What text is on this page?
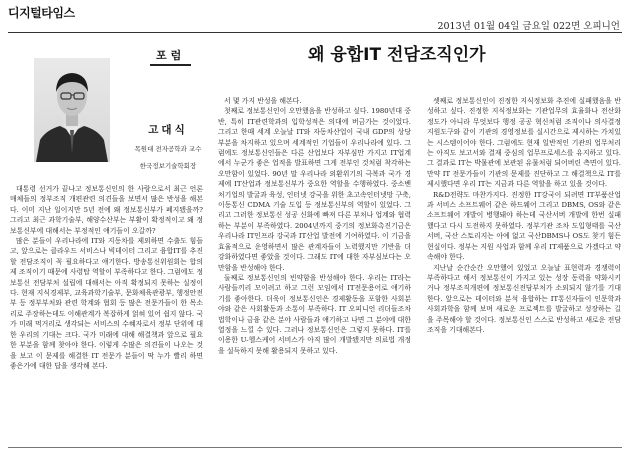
디지털타임스
2013년 01월 04일 금요일 022면 오피니언
포럼	왜 융합IT 전담조직인가
고대식
목원대 전자공학과 교수
한국정보기술학회장

대통령 선거가 끝나고 정보통신인의 한 사람으로서 최근 언론매체들의 정부조직 개편관련 의견들을 보면서 많은 반성을 해본다. 이미 지난 일이지만 5년 전에 왜 정보통신부가 폐지됐을까? 그리고 최근 과학기술부, 해양수산부는 부활이 확정적이고 왜 정보통신부에 대해서는 부정적인 얘기들이 오갈까?

많은 분들이 우리나라에 IT와 지동차를 제외하면 수출도 힘들고, 앞으로는 클라우드 서비스나 빅데이터 그리고 융합IT를 추진할 전담조직이 꼭 필요하다고 얘기한다. 방송통신위원회는 합의제 조직이기 때문에 사령탑 역할이 부족하다고 한다. 그럼에도 정보통신 전담부처 설립에 대해서는 아직 확정되지 못하는 실정이다. 현재 지식경제부, 교육과학기술부, 문화체육관광부, 행정안전부 등 정부부처와 관련 학계와 협회 등 많은 전문가들이 한 목소리로 주장하는데도 이해관계가 복잡하게 얽혀 있어 쉽지 않다. 국가 미래 먹거리로 생각되는 서비스의 수혜자로서 정부 단위에 대한 우리의 기대는 크다. 국가 미래에 대해 해결책과 앞으로 필요한 부분을 함께 찾아야 한다. 이렇게 수많은 의견들이 나오는 것을 보고 이 문제를 해결한 IT 전문가 분들이 딱 누가 빨리 하면 좋은가에 대한 답을 생각해 본다.

서 몇 가지 반성을 해본다.

첫째로 정보통신인이 오만했음을 반성하고 싶다. 1980년대 중반, 특히 IT관련학과의 입학성적은 의대에 버금가는 것이었다. 그리고 한때 세계 오늘날 IT와 자동차산업이 국내 GDP의 상당 부분을 차지하고 있으며 세계적인 기업들이 우리나라에 있다. 그럼에도 정보통신인들은 다른 산업보다 자부심만 가지고 IT업계에서 누군가 좋은 업적을 발표하면 그게 전부인 것처럼 착각하는 오만함이 있었다. 90년 말 우리나라 외환위기의 극복과 국가 경제에 IT산업과 정보통신부가 중요한 역할을 수행하였다. 중소벤처기업의 발굴과 육성, 인터넷 강국을 위한 초고속인터넷망 구축, 이동통신 CDMA 기술 도입 등 정보통신부의 역할이 있었다. 그리고 그러한 정보통신 성공 신화에 빠져 다른 부처나 업계와 협력하는 부분이 부족하였다. 2004년까지 중기의 정보화촉진기금은 우리나라 IT인프라 강국과 IT산업 발전에 기여하였다. 이 기금을 효율적으로 운영하면서 많은 관계자들이 노력했지만 기반을 더 강화하였다면 좋았을 것이다. 그래도 IT에 대한 자부심보다는 오만함을 반성해야 한다.

둘째로 정보통신인의 빈약함을 반성해야 한다. 우리는 IT라는 사람들끼리 모이려고 하고 그런 모임에서 IT전문용어로 얘기하기를 좋아한다. 더욱이 정보통신인은 경제활동을 포함한 사회분야와 같은 사회활동과 소통이 부족하다. IT 오피니언 리더들조차 법학이나 금융 같은 분야 사람들과 얘기하고 나면 그 분야에 대한 열정을 느낄 수 있다. 그러나 정보통신인은 그렇지 못하다. IT를 이용한 U-헬스케어 서비스가 아직 많이 개발됐지만 의료법 개정을 설득하지 못해 활용되지 못하고 있다.

셋째로 정보통신인이 진정한 지식정보화 추진에 실패했음을 반성하고 싶다. 진정한 지식정보화는 기관업무의 효율화나 전산화 정도가 아니라 무엇보다 행정 공공 혁신처럼 조직이나 의사결정지원도구와 같이 기관의 경영정보를 실시간으로 제시하는 가치있는 시스템이어야 한다. 그럼에도 현재 일반적인 기관의 업무처리는 아직도 보고서와 결재 중심의 업무프로세스를 유지하고 있다. 그 결과로 IT는 박물관에 보관된 유물처럼 되어버린 측면이 있다. 만약 IT 전문가들이 기관의 문제를 진단하고 그 해결책으로 IT를 제시했다면 우리 IT는 지금과 다른 역할을 하고 있을 것이다.

R&D전략도 마찬가지다. 진정한 IT강국이 되려면 IT부품산업과 서비스 소프트웨어 같은 하드웨어 그리고 DBMS, OS와 같은 소프트웨어 개발이 병행돼야 하는데 국산서버 개발에 한번 실패했다고 다시 도전하지 못하였다. 정부기관 조차 도입형태를 국산서버, 국산 스토리지는 아예 없고 국산DBMS나 OS도 찾기 힘든 현실이다. 정부는 지원 사업과 함께 우리 IT제품으로 가겠다고 약속해야 한다.

지난날 순간순간 오만했어 있었고 오늘날 표현력과 경쟁력이 부족하다고 해서 정보통신이 가지고 있는 성장 동력을 약화시키거나 정부조직개편에 정보통신전담부처가 소외되지 않기를 기대한다. 앞으로는 데이터와 분석 융합하는 IT통신자들이 인문학과 사회과학을 함께 보며 새로운 프로젝트를 발굴하고 성장하는 길을 주목해야 할 것이다. 정보통신인 스스로 반성하고 새로운 전담조직을 기대해본다.
